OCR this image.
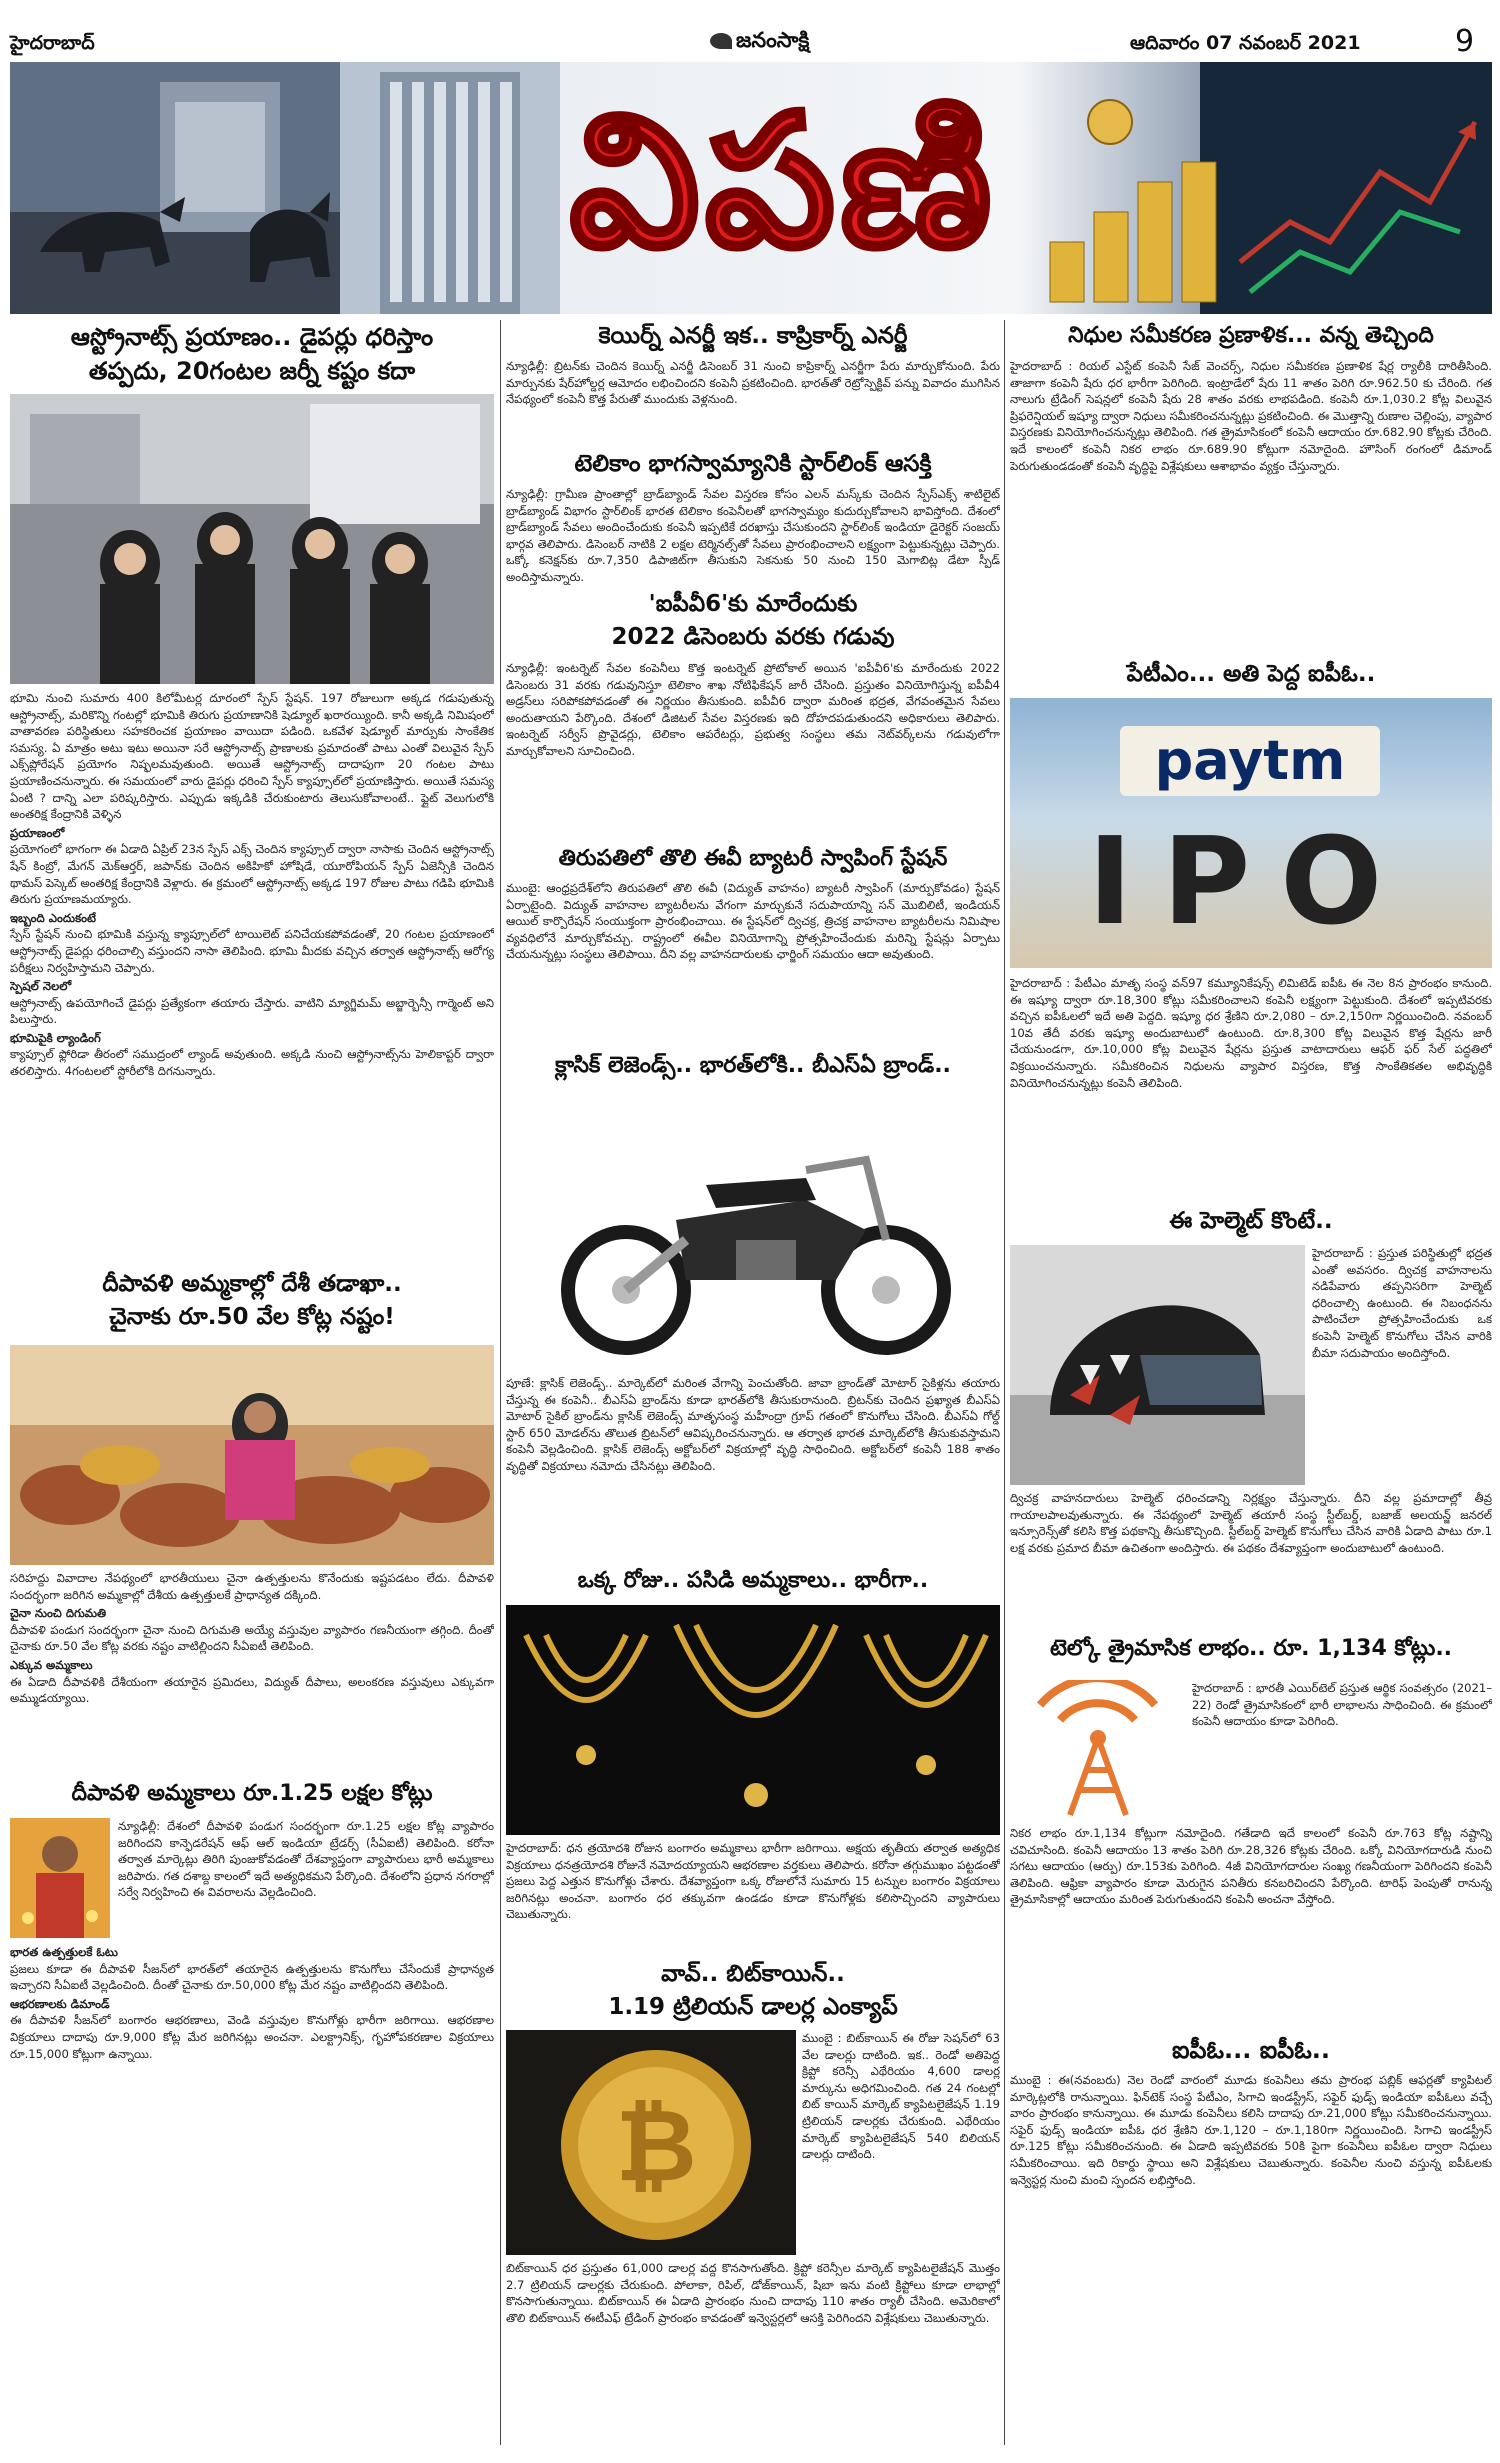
హైదరాబాద్	జనంసాక్షి	ఆదివారం 07 నవంబర్ 2021	9
విపణి
ఆస్ట్రోనాట్స్‌ ప్రయాణం.. డైపర్లు ధరిస్తాం
తప్పదు, 20గంటల జర్నీ కష్టం కదా
భూమి నుంచి సుమారు 400 కిలోమీటర్ల దూరంలో స్పేస్‌ స్టేషన్‌. 197 రోజులుగా అక్కడ గడుపుతున్న ఆస్ట్రోనాట్స్‌, మరికొన్ని గంటల్లో భూమికి తిరుగు ప్రయాణానికి షెడ్యూల్‌ ఖరారయ్యింది. కానీ అక్కడి నిమిషంలో వాతావరణ పరిస్థితులు సహకరించక ప్రయాణం వాయిదా పడింది. ఒకవేళ షెడ్యూల్‌ మార్పుకు సాంకేతిక సమస్య. ఏ మాత్రం అటు ఇటు అయినా సరే ఆస్ట్రోనాట్స్‌ ప్రాణాలకు ప్రమాదంతో పాటు ఎంతో విలువైన స్పేస్‌ ఎక్స్‌ప్లోరేషన్‌ ప్రయోగం నిష్ఫలమవుతుంది. అయితే ఆస్ట్రోనాట్స్‌ దాదాపుగా 20 గంటల పాటు ప్రయాణించనున్నారు. ఈ సమయంలో వారు డైపర్లు ధరించి స్పేస్‌ క్యాప్సూల్‌లో ప్రయాణిస్తారు. అయితే సమస్య ఏంటి ? దాన్ని ఎలా పరిష్కరిస్తారు. ఎప్పుడు ఇక్కడికి చేరుకుంటారు తెలుసుకోవాలంటే.. ఫ్లైట్‌ వెలుగులోకి అంతరిక్ష కేంద్రానికి వెళ్ళిన
ప్రయాణంలో
ప్రయోగంలో భాగంగా ఈ ఏడాది ఏప్రిల్‌ 23న స్పేస్‌ ఎక్స్‌ చెందిన క్యాప్సూల్‌ ద్వారా నాసాకు చెందిన ఆస్ట్రోనాట్స్‌ షేన్‌ కింబ్రో, మేగన్‌ మెక్‌ఆర్తర్‌, జపాన్‌కు చెందిన అకిహికో హోషిడే, యూరోపియన్‌ స్పేస్‌ ఏజెన్సీకి చెందిన థామస్‌ పెస్కెట్‌ అంతరిక్ష కేంద్రానికి వెళ్లారు. ఈ క్రమంలో ఆస్ట్రోనాట్స్‌ అక్కడ 197 రోజుల పాటు గడిపి భూమికి తిరుగు ప్రయాణమయ్యారు.
ఇబ్బంది ఎందుకంటే
స్పేస్‌ స్టేషన్‌ నుంచి భూమికి వస్తున్న క్యాప్సూల్‌లో టాయిలెట్‌ పనిచేయకపోవడంతో, 20 గంటల ప్రయాణంలో ఆస్ట్రోనాట్స్‌ డైపర్లు ధరించాల్సి వస్తుందని నాసా తెలిపింది. భూమి మీదకు వచ్చిన తర్వాత ఆస్ట్రోనాట్స్‌ ఆరోగ్య పరీక్షలు నిర్వహిస్తామని చెప్పారు.
స్పెషల్‌ నెలలో
ఆస్ట్రోనాట్స్‌ ఉపయోగించే డైపర్లు ప్రత్యేకంగా తయారు చేస్తారు. వాటిని మ్యాగ్జిమమ్‌ అబ్జార్బెన్సీ గార్మెంట్‌ అని పిలుస్తారు.
భూమిపైకి ల్యాండింగ్‌
క్యాప్సూల్‌ ఫ్లోరిడా తీరంలో సముద్రంలో ల్యాండ్‌ అవుతుంది. అక్కడి నుంచి ఆస్ట్రోనాట్స్‌ను హెలికాప్టర్‌ ద్వారా తరలిస్తారు. 4గంటలలో స్టోరీలోకి దిగనున్నారు.
దీపావళి అమ్మకాల్లో దేశీ తడాఖా..
చైనాకు రూ.50 వేల కోట్ల నష్టం!
సరిహద్దు వివాదాల నేపథ్యంలో భారతీయులు చైనా ఉత్పత్తులను కొనేందుకు ఇష్టపడటం లేదు. దీపావళి సందర్భంగా జరిగిన అమ్మకాల్లో దేశీయ ఉత్పత్తులకే ప్రాధాన్యత దక్కింది.
చైనా నుంచి దిగుమతి
దీపావళి పండుగ సందర్భంగా చైనా నుంచి దిగుమతి అయ్యే వస్తువుల వ్యాపారం గణనీయంగా తగ్గింది. దీంతో చైనాకు రూ.50 వేల కోట్ల వరకు నష్టం వాటిల్లిందని సీఏఐటీ తెలిపింది.
ఎక్కువ అమ్మకాలు
ఈ ఏడాది దీపావళికి దేశీయంగా తయారైన ప్రమిదలు, విద్యుత్‌ దీపాలు, అలంకరణ వస్తువులు ఎక్కువగా అమ్ముడయ్యాయి.
దీపావళి అమ్మకాలు రూ.1.25 లక్షల కోట్లు
న్యూఢిల్లీ: దేశంలో దీపావళి పండుగ సందర్భంగా రూ.1.25 లక్షల కోట్ల వ్యాపారం జరిగిందని కాన్ఫెడరేషన్‌ ఆఫ్‌ ఆల్‌ ఇండియా ట్రేడర్స్‌ (సీఏఐటీ) తెలిపింది. కరోనా తర్వాత మార్కెట్లు తిరిగి పుంజుకోవడంతో దేశవ్యాప్తంగా వ్యాపారులు భారీ అమ్మకాలు జరిపారు. గత దశాబ్ద కాలంలో ఇదే అత్యధికమని పేర్కొంది. దేశంలోని ప్రధాన నగరాల్లో సర్వే నిర్వహించి ఈ వివరాలను వెల్లడించింది.
భారత ఉత్పత్తులకే ఓటు
ప్రజలు కూడా ఈ దీపావళి సీజన్‌లో భారత్‌లో తయారైన ఉత్పత్తులను కొనుగోలు చేసేందుకే ప్రాధాన్యత ఇచ్చారని సీఏఐటీ వెల్లడించింది. దీంతో చైనాకు రూ.50,000 కోట్ల మేర నష్టం వాటిల్లిందని తెలిపింది.
ఆభరణాలకు డిమాండ్‌
ఈ దీపావళి సీజన్‌లో బంగారం ఆభరణాలు, వెండి వస్తువుల కొనుగోళ్లు భారీగా జరిగాయి. ఆభరణాల విక్రయాలు దాదాపు రూ.9,000 కోట్ల మేర జరిగినట్లు అంచనా. ఎలక్ట్రానిక్స్‌, గృహోపకరణాల విక్రయాలు రూ.15,000 కోట్లుగా ఉన్నాయి.
కెయిర్న్‌ ఎనర్జీ ఇక.. కాప్రికార్న్‌ ఎనర్జీ
న్యూఢిల్లీ: బ్రిటన్‌కు చెందిన కెయిర్న్‌ ఎనర్జీ డిసెంబర్‌ 31 నుంచి కాప్రికార్న్‌ ఎనర్జీగా పేరు మార్చుకోనుంది. పేరు మార్పునకు షేర్‌హోల్డర్ల ఆమోదం లభించిందని కంపెనీ ప్రకటించింది. భారత్‌తో రెట్రోస్పెక్టివ్‌ పన్ను వివాదం ముగిసిన నేపథ్యంలో కంపెనీ కొత్త పేరుతో ముందుకు వెళ్లనుంది.
టెలికాం భాగస్వామ్యానికి స్టార్‌లింక్‌ ఆసక్తి
న్యూఢిల్లీ: గ్రామీణ ప్రాంతాల్లో బ్రాడ్‌బ్యాండ్‌ సేవల విస్తరణ కోసం ఎలన్‌ మస్క్‌కు చెందిన స్పేస్‌ఎక్స్‌ శాటిలైట్‌ బ్రాడ్‌బ్యాండ్‌ విభాగం స్టార్‌లింక్‌ భారత టెలికాం కంపెనీలతో భాగస్వామ్యం కుదుర్చుకోవాలని భావిస్తోంది. దేశంలో బ్రాడ్‌బ్యాండ్‌ సేవలు అందించేందుకు కంపెనీ ఇప్పటికే దరఖాస్తు చేసుకుందని స్టార్‌లింక్‌ ఇండియా డైరెక్టర్‌ సంజయ్‌ భార్గవ తెలిపారు. డిసెంబర్‌ నాటికి 2 లక్షల టెర్మినల్స్‌తో సేవలు ప్రారంభించాలని లక్ష్యంగా పెట్టుకున్నట్లు చెప్పారు. ఒక్కో కనెక్షన్‌కు రూ.7,350 డిపాజిట్‌గా తీసుకుని సెకనుకు 50 నుంచి 150 మెగాబిట్ల డేటా స్పీడ్‌ అందిస్తామన్నారు.
'ఐపీవీ6'కు మారేందుకు
2022 డిసెంబరు వరకు గడువు
న్యూఢిల్లీ: ఇంటర్నెట్‌ సేవల కంపెనీలు కొత్త ఇంటర్నెట్‌ ప్రోటోకాల్‌ అయిన 'ఐపీవీ6'కు మారేందుకు 2022 డిసెంబరు 31 వరకు గడువునిస్తూ టెలికాం శాఖ నోటిఫికేషన్‌ జారీ చేసింది. ప్రస్తుతం వినియోగిస్తున్న ఐపీవీ4 అడ్రస్‌లు సరిపోకపోవడంతో ఈ నిర్ణయం తీసుకుంది. ఐపీవీ6 ద్వారా మరింత భద్రత, వేగవంతమైన సేవలు అందుతాయని పేర్కొంది. దేశంలో డిజిటల్‌ సేవల విస్తరణకు ఇది దోహదపడుతుందని అధికారులు తెలిపారు. ఇంటర్నెట్‌ సర్వీస్‌ ప్రొవైడర్లు, టెలికాం ఆపరేటర్లు, ప్రభుత్వ సంస్థలు తమ నెట్‌వర్క్‌లను గడువులోగా మార్చుకోవాలని సూచించింది.
తిరుపతిలో తొలి ఈవీ బ్యాటరీ స్వాపింగ్‌ స్టేషన్‌
ముంబై: ఆంధ్రప్రదేశ్‌లోని తిరుపతిలో తొలి ఈవీ (విద్యుత్‌ వాహనం) బ్యాటరీ స్వాపింగ్‌ (మార్పుకోవడం) స్టేషన్‌ ఏర్పాటైంది. విద్యుత్‌ వాహనాల బ్యాటరీలను వేగంగా మార్చుకునే సదుపాయాన్ని సన్‌ మొబిలిటీ, ఇండియన్‌ ఆయిల్‌ కార్పొరేషన్‌ సంయుక్తంగా ప్రారంభించాయి. ఈ స్టేషన్‌లో ద్విచక్ర, త్రిచక్ర వాహనాల బ్యాటరీలను నిమిషాల వ్యవధిలోనే మార్చుకోవచ్చు. రాష్ట్రంలో ఈవీల వినియోగాన్ని ప్రోత్సహించేందుకు మరిన్ని స్టేషన్లు ఏర్పాటు చేయనున్నట్లు సంస్థలు తెలిపాయి. దీని వల్ల వాహనదారులకు ఛార్జింగ్‌ సమయం ఆదా అవుతుంది.
క్లాసిక్‌ లెజెండ్స్‌.. భారత్‌లోకి.. బీఎస్‌ఏ బ్రాండ్‌..
పూణే: క్లాసిక్‌ లెజెండ్స్‌.. మార్కెట్‌లో మరింత వేగాన్ని పెంచుతోంది. జావా బ్రాండ్‌తో మోటార్‌ సైకిళ్లను తయారు చేస్తున్న ఈ కంపెనీ.. బీఎస్‌ఏ బ్రాండ్‌ను కూడా భారత్‌లోకి తీసుకురానుంది. బ్రిటన్‌కు చెందిన ప్రఖ్యాత బీఎస్‌ఏ మోటార్‌ సైకిల్‌ బ్రాండ్‌ను క్లాసిక్‌ లెజెండ్స్‌ మాతృసంస్థ మహీంద్రా గ్రూప్‌ గతంలో కొనుగోలు చేసింది. బీఎస్‌ఏ గోల్డ్‌ స్టార్‌ 650 మోడల్‌ను తొలుత బ్రిటన్‌లో ఆవిష్కరించనున్నారు. ఆ తర్వాత భారత మార్కెట్‌లోకి తీసుకువస్తామని కంపెనీ వెల్లడించింది. క్లాసిక్‌ లెజెండ్స్‌ అక్టోబర్‌లో విక్రయాల్లో వృద్ధి సాధించింది. అక్టోబర్‌లో కంపెనీ 188 శాతం వృద్ధితో విక్రయాలు నమోదు చేసినట్లు తెలిపింది.
ఒక్క రోజు.. పసిడి అమ్మకాలు.. భారీగా..
హైదరాబాద్‌: ధన త్రయోదశి రోజున బంగారం అమ్మకాలు భారీగా జరిగాయి. అక్షయ తృతీయ తర్వాత అత్యధిక విక్రయాలు ధనత్రయోదశి రోజునే నమోదయ్యాయని ఆభరణాల వర్తకులు తెలిపారు. కరోనా తగ్గుముఖం పట్టడంతో ప్రజలు పెద్ద ఎత్తున కొనుగోళ్లు చేశారు. దేశవ్యాప్తంగా ఒక్క రోజులోనే సుమారు 15 టన్నుల బంగారం విక్రయాలు జరిగినట్లు అంచనా. బంగారం ధర తక్కువగా ఉండడం కూడా కొనుగోళ్లకు కలిసొచ్చిందని వ్యాపారులు చెబుతున్నారు.
వావ్‌.. బిట్‌కాయిన్‌..
1.19 ట్రిలియన్‌ డాలర్ల ఎంక్యాప్‌
₿
ముంబై : బిట్‌కాయిన్‌ ఈ రోజు సెషన్‌లో 63 వేల డాలర్లు దాటింది. ఇక.. రెండో అతిపెద్ద క్రిప్టో కరెన్సీ ఎథేరియం 4,600 డాలర్ల మార్కును అధిగమించింది. గత 24 గంటల్లో బిట్‌ కాయిన్‌ మార్కెట్‌ క్యాపిటలైజేషన్‌ 1.19 ట్రిలియన్‌ డాలర్లకు చేరుకుంది. ఎథేరియం మార్కెట్‌ క్యాపిటలైజేషన్‌ 540 బిలియన్‌ డాలర్లు దాటింది.
బిట్‌కాయిన్‌ ధర ప్రస్తుతం 61,000 డాలర్ల వద్ద కొనసాగుతోంది. క్రిప్టో కరెన్సీల మార్కెట్‌ క్యాపిటలైజేషన్‌ మొత్తం 2.7 ట్రిలియన్‌ డాలర్లకు చేరుకుంది. పోలాకా, రిపిల్‌, డోజ్‌కాయిన్‌, షిబా ఇను వంటి క్రిప్టోలు కూడా లాభాల్లో కొనసాగుతున్నాయి. బిట్‌కాయిన్‌ ఈ ఏడాది ప్రారంభం నుంచి దాదాపు 110 శాతం ర్యాలీ చేసింది. అమెరికాలో తొలి బిట్‌కాయిన్‌ ఈటీఎఫ్‌ ట్రేడింగ్‌ ప్రారంభం కావడంతో ఇన్వెస్టర్లలో ఆసక్తి పెరిగిందని విశ్లేషకులు చెబుతున్నారు.
నిధుల సమీకరణ ప్రణాళిక... వన్న తెచ్చింది
హైదరాబాద్‌ : రియల్‌ ఎస్టేట్‌ కంపెనీ సేజ్‌ వెంచర్స్‌, నిధుల సమీకరణ ప్రణాళిక షేర్ల ర్యాలీకి దారితీసింది. తాజాగా కంపెనీ షేరు ధర భారీగా పెరిగింది. ఇంట్రాడేలో షేరు 11 శాతం పెరిగి రూ.962.50 కు చేరింది. గత నాలుగు ట్రేడింగ్‌ సెషన్లలో కంపెనీ షేరు 28 శాతం వరకు లాభపడింది. కంపెనీ రూ.1,030.2 కోట్ల విలువైన ప్రిఫరెన్షియల్‌ ఇష్యూ ద్వారా నిధులు సమీకరించనున్నట్లు ప్రకటించింది. ఈ మొత్తాన్ని రుణాల చెల్లింపు, వ్యాపార విస్తరణకు వినియోగించనున్నట్లు తెలిపింది. గత త్రైమాసికంలో కంపెనీ ఆదాయం రూ.682.90 కోట్లకు చేరింది. ఇదే కాలంలో కంపెనీ నికర లాభం రూ.689.90 కోట్లుగా నమోదైంది. హౌసింగ్‌ రంగంలో డిమాండ్‌ పెరుగుతుండడంతో కంపెనీ వృద్ధిపై విశ్లేషకులు ఆశాభావం వ్యక్తం చేస్తున్నారు.
పేటీఎం... అతి పెద్ద ఐపీఓ..
paytm
IPO
హైదరాబాద్‌ : పేటీఎం మాతృ సంస్థ వన్‌97 కమ్యూనికేషన్స్‌ లిమిటెడ్‌ ఐపీఓ ఈ నెల 8న ప్రారంభం కానుంది. ఈ ఇష్యూ ద్వారా రూ.18,300 కోట్లు సమీకరించాలని కంపెనీ లక్ష్యంగా పెట్టుకుంది. దేశంలో ఇప్పటివరకు వచ్చిన ఐపీఓలలో ఇదే అతి పెద్దది. ఇష్యూ ధర శ్రేణిని రూ.2,080 – రూ.2,150గా నిర్ణయించింది. నవంబర్‌ 10వ తేదీ వరకు ఇష్యూ అందుబాటులో ఉంటుంది. రూ.8,300 కోట్ల విలువైన కొత్త షేర్లను జారీ చేయనుండగా, రూ.10,000 కోట్ల విలువైన షేర్లను ప్రస్తుత వాటాదారులు ఆఫర్‌ ఫర్‌ సేల్‌ పద్ధతిలో విక్రయించనున్నారు. సమీకరించిన నిధులను వ్యాపార విస్తరణ, కొత్త సాంకేతికతల అభివృద్ధికి వినియోగించనున్నట్లు కంపెనీ తెలిపింది.
ఈ హెల్మెట్‌ కొంటే..
హైదరాబాద్‌ : ప్రస్తుత పరిస్థితుల్లో భద్రత ఎంతో అవసరం. ద్విచక్ర వాహనాలను నడిపేవారు తప్పనిసరిగా హెల్మెట్‌ ధరించాల్సి ఉంటుంది. ఈ నిబంధనను పాటించేలా ప్రోత్సహించేందుకు ఒక కంపెనీ హెల్మెట్‌ కొనుగోలు చేసిన వారికి బీమా సదుపాయం అందిస్తోంది.
ద్విచక్ర వాహనదారులు హెల్మెట్‌ ధరించడాన్ని నిర్లక్ష్యం చేస్తున్నారు. దీని వల్ల ప్రమాదాల్లో తీవ్ర గాయాలపాలవుతున్నారు. ఈ నేపథ్యంలో హెల్మెట్‌ తయారీ సంస్థ స్టీల్‌బర్డ్‌, బజాజ్‌ అలయన్జ్‌ జనరల్‌ ఇన్సూరెన్స్‌తో కలిసి కొత్త పథకాన్ని తీసుకొచ్చింది. స్టీల్‌బర్డ్‌ హెల్మెట్‌ కొనుగోలు చేసిన వారికి ఏడాది పాటు రూ.1 లక్ష వరకు ప్రమాద బీమా ఉచితంగా అందిస్తారు. ఈ పథకం దేశవ్యాప్తంగా అందుబాటులో ఉంటుంది.
టెల్కో త్రైమాసిక లాభం.. రూ. 1,134 కోట్లు..
హైదరాబాద్‌ : భారతీ ఎయిర్‌టెల్‌ ప్రస్తుత ఆర్థిక సంవత్సరం (2021–22) రెండో త్రైమాసికంలో భారీ లాభాలను సాధించింది. ఈ క్రమంలో కంపెనీ ఆదాయం కూడా పెరిగింది.
నికర లాభం రూ.1,134 కోట్లుగా నమోదైంది. గతేడాది ఇదే కాలంలో కంపెనీ రూ.763 కోట్ల నష్టాన్ని చవిచూసింది. కంపెనీ ఆదాయం 13 శాతం పెరిగి రూ.28,326 కోట్లకు చేరింది. ఒక్కో వినియోగదారుడి నుంచి సగటు ఆదాయం (ఆర్పు) రూ.153కు పెరిగింది. 4జీ వినియోగదారుల సంఖ్య గణనీయంగా పెరిగిందని కంపెనీ తెలిపింది. ఆఫ్రికా వ్యాపారం కూడా మెరుగైన పనితీరు కనబరిచిందని పేర్కొంది. టారిఫ్‌ పెంపుతో రానున్న త్రైమాసికాల్లో ఆదాయం మరింత పెరుగుతుందని కంపెనీ అంచనా వేస్తోంది.
ఐపీఓ... ఐపీఓ..
ముంబై : ఈ(నవంబరు) నెల రెండో వారంలో మూడు కంపెనీలు తమ ప్రారంభ పబ్లిక్‌ ఆఫర్లతో క్యాపిటల్‌ మార్కెట్లలోకి రానున్నాయి. ఫిన్‌టెక్‌ సంస్థ పేటీఎం, సిగాచి ఇండస్ట్రీస్‌, సఫైర్‌ ఫుడ్స్‌ ఇండియా ఐపీఓలు వచ్చే వారం ప్రారంభం కానున్నాయి. ఈ మూడు కంపెనీలు కలిసి దాదాపు రూ.21,000 కోట్లు సమీకరించనున్నాయి. సఫైర్‌ ఫుడ్స్‌ ఇండియా ఐపీఓ ధర శ్రేణిని రూ.1,120 – రూ.1,180గా నిర్ణయించింది. సిగాచి ఇండస్ట్రీస్‌ రూ.125 కోట్లు సమీకరించనుంది. ఈ ఏడాది ఇప్పటివరకు 50కి పైగా కంపెనీలు ఐపీఓల ద్వారా నిధులు సమీకరించాయి. ఇది రికార్డు స్థాయి అని విశ్లేషకులు చెబుతున్నారు. కంపెనీల నుంచి వస్తున్న ఐపీఓలకు ఇన్వెస్టర్ల నుంచి మంచి స్పందన లభిస్తోంది.
